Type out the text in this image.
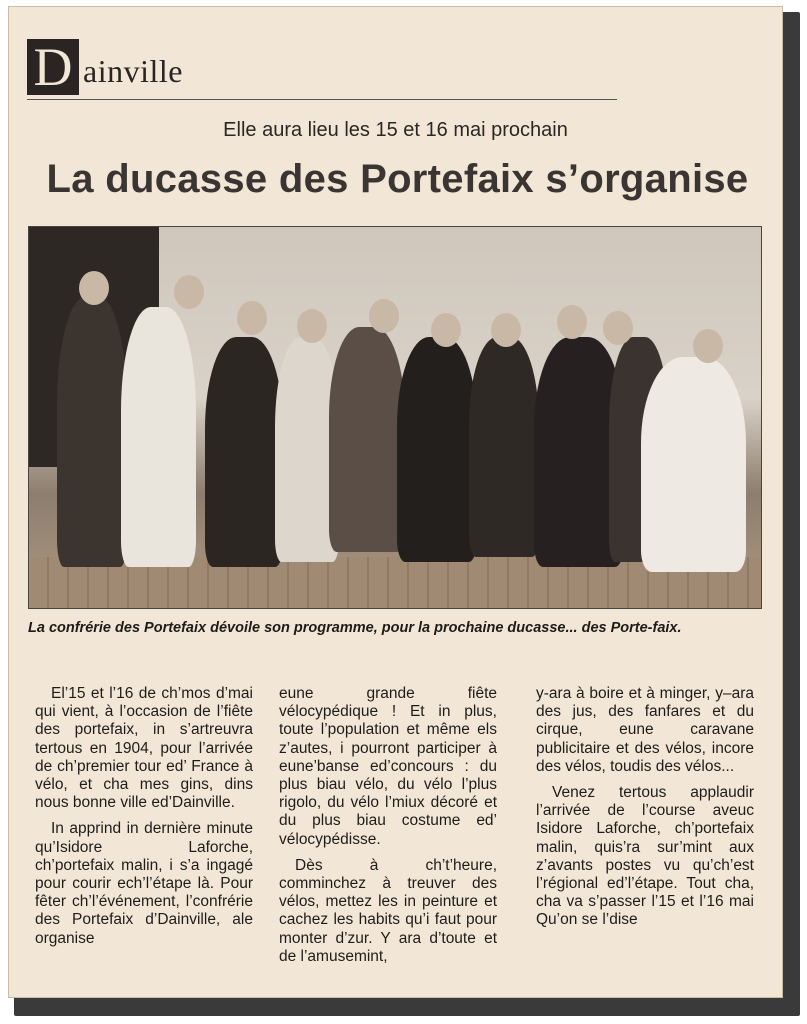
D ainville
Elle aura lieu les 15 et 16 mai prochain
La ducasse des Portefaix s’organise
La confrérie des Portefaix dévoile son programme, pour la prochaine ducasse... des Porte-faix.

El’15 et l’16 de ch’mos d’mai qui vient, à l’occasion de l’fiête des portefaix, in s’artreuvra tertous en 1904, pour l’arrivée de ch’premier tour ed’ France à vélo, et cha mes gins, dins nous bonne ville ed’Dainville.

In apprind in dernière minute qu’Isidore Laforche, ch’portefaix malin, i s’a ingagé pour courir ech’l’étape là. Pour fêter ch’l’événement, l’confrérie des Portefaix d’Dainville, ale organise

eune grande fiête vélocypédique ! Et in plus, toute l’population et même els z’autes, i pourront participer à eune’banse ed’concours : du plus biau vélo, du vélo l’plus rigolo, du vélo l’miux décoré et du plus biau costume ed’ vélocypédisse.

Dès à ch’t’heure, comminchez à treuver des vélos, mettez les in peinture et cachez les habits qu’i faut pour monter d’zur. Y ara d’toute et de l’amusemint,

y-ara à boire et à minger, y–ara des jus, des fanfares et du cirque, eune caravane publicitaire et des vélos, incore des vélos, toudis des vélos...

Venez tertous applaudir l’arrivée de l’course aveuc Isidore Laforche, ch’portefaix malin, quis’ra sur’mint aux z’avants postes vu qu’ch’est l’régional ed’l’étape. Tout cha, cha va s’passer l’15 et l’16 mai Qu’on se l’dise
